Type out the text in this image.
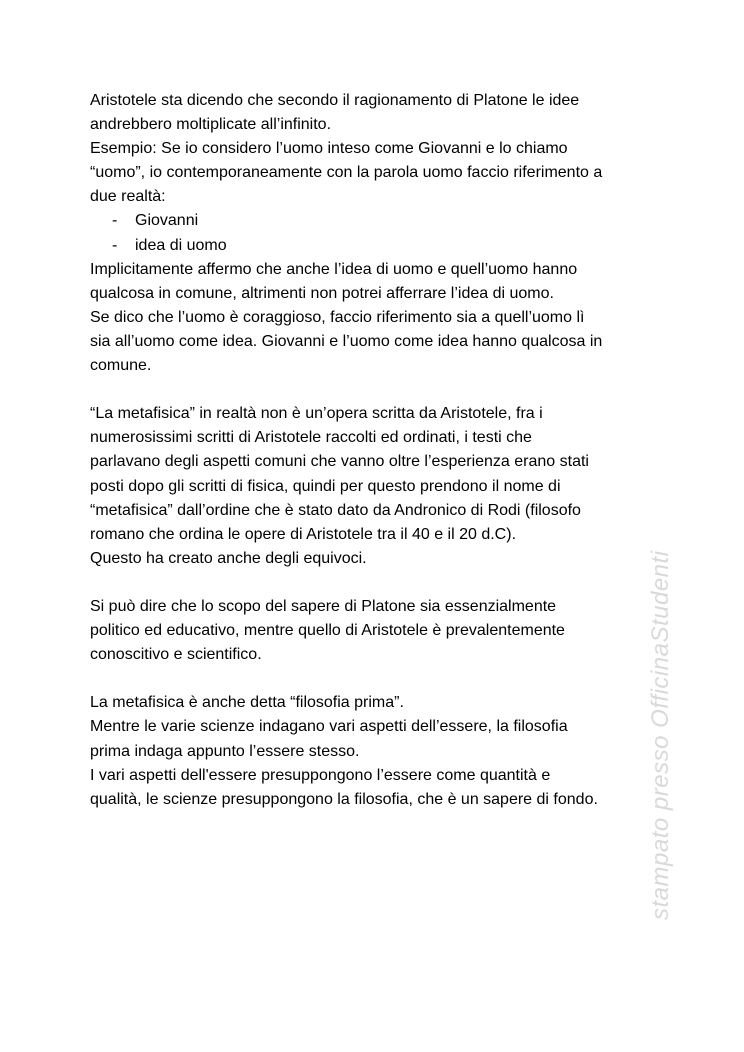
Aristotele sta dicendo che secondo il ragionamento di Platone le idee

andrebbero moltiplicate all’infinito.

Esempio: Se io considero l’uomo inteso come Giovanni e lo chiamo

“uomo”, io contemporaneamente con la parola uomo faccio riferimento a

due realtà:

- Giovanni
- idea di uomo

Implicitamente affermo che anche l’idea di uomo e quell’uomo hanno

qualcosa in comune, altrimenti non potrei afferrare l’idea di uomo.

Se dico che l’uomo è coraggioso, faccio riferimento sia a quell’uomo lì

sia all’uomo come idea. Giovanni e l’uomo come idea hanno qualcosa in

comune.

“La metafisica” in realtà non è un’opera scritta da Aristotele, fra i

numerosissimi scritti di Aristotele raccolti ed ordinati, i testi che

parlavano degli aspetti comuni che vanno oltre l’esperienza erano stati

posti dopo gli scritti di fisica, quindi per questo prendono il nome di

“metafisica” dall’ordine che è stato dato da Andronico di Rodi (filosofo

romano che ordina le opere di Aristotele tra il 40 e il 20 d.C).

Questo ha creato anche degli equivoci.

Si può dire che lo scopo del sapere di Platone sia essenzialmente

politico ed educativo, mentre quello di Aristotele è prevalentemente

conoscitivo e scientifico.

La metafisica è anche detta “filosofia prima”.

Mentre le varie scienze indagano vari aspetti dell’essere, la filosofia

prima indaga appunto l’essere stesso.

I vari aspetti dell'essere presuppongono l’essere come quantità e

qualità, le scienze presuppongono la filosofia, che è un sapere di fondo.	stampato presso OfficinaStudenti
